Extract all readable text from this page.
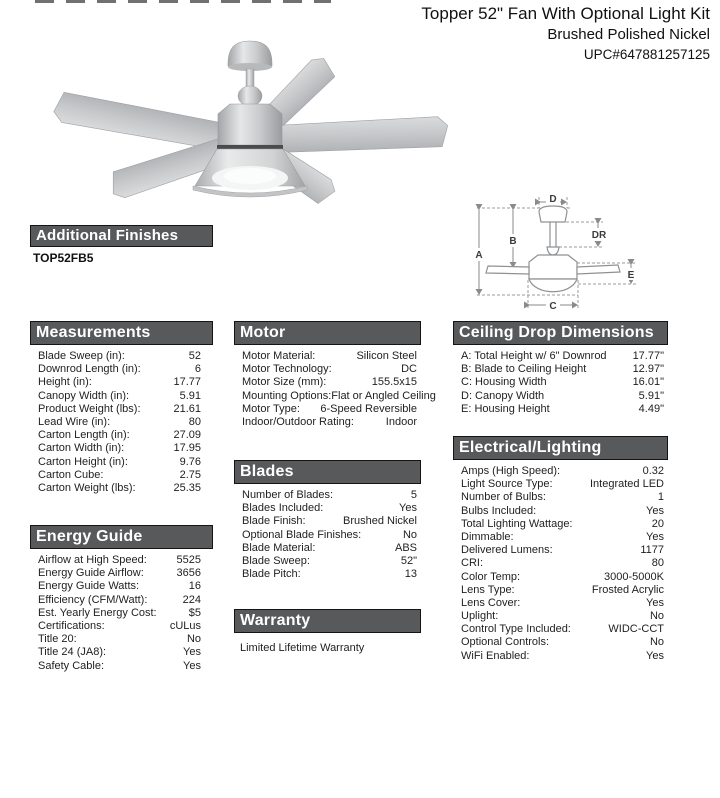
Topper 52" Fan With Optional Light Kit
Brushed Polished Nickel
UPC#647881257125
Additional Finishes
TOP52FB5	A
B
D
DR
E
C
Measurements
Blade Sweep (in):	52
Downrod Length (in):	6
Height (in):	17.77
Canopy Width (in):	5.91
Product Weight (lbs):	21.61
Lead Wire (in):	80
Carton Length (in):	27.09
Carton Width (in):	17.95
Carton Height (in):	9.76
Carton Cube:	2.75
Carton Weight (lbs):	25.35
Energy Guide
Airflow at High Speed:	5525
Energy Guide Airflow:	3656
Energy Guide Watts:	16
Efficiency (CFM/Watt):	224
Est. Yearly Energy Cost:	$5
Certifications:	cULus
Title 20:	No
Title 24 (JA8):	Yes
Safety Cable:	Yes
Motor
Motor Material:	Silicon Steel
Motor Technology:	DC
Motor Size (mm):	155.5x15
Mounting Options: Flat or Angled Ceiling
Motor Type: 6-Speed Reversible
Indoor/Outdoor Rating:	Indoor
Blades
Number of Blades:	5
Blades Included:	Yes
Blade Finish:	Brushed Nickel
Optional Blade Finishes:	No
Blade Material:	ABS
Blade Sweep:	52"
Blade Pitch:	13
Warranty
Limited Lifetime Warranty
Ceiling Drop Dimensions
A: Total Height w/ 6" Downrod 17.77"
B: Blade to Ceiling Height	12.97"
C: Housing Width	16.01"
D: Canopy Width	5.91"
E: Housing Height	4.49"
Electrical/Lighting
Amps (High Speed):	0.32
Light Source Type:	Integrated LED
Number of Bulbs:	1
Bulbs Included:	Yes
Total Lighting Wattage:	20
Dimmable:	Yes
Delivered Lumens:	1177
CRI:	80
Color Temp:	3000-5000K
Lens Type:	Frosted Acrylic
Lens Cover:	Yes
Uplight:	No
Control Type Included:	WIDC-CCT
Optional Controls:	No
WiFi Enabled:	Yes
